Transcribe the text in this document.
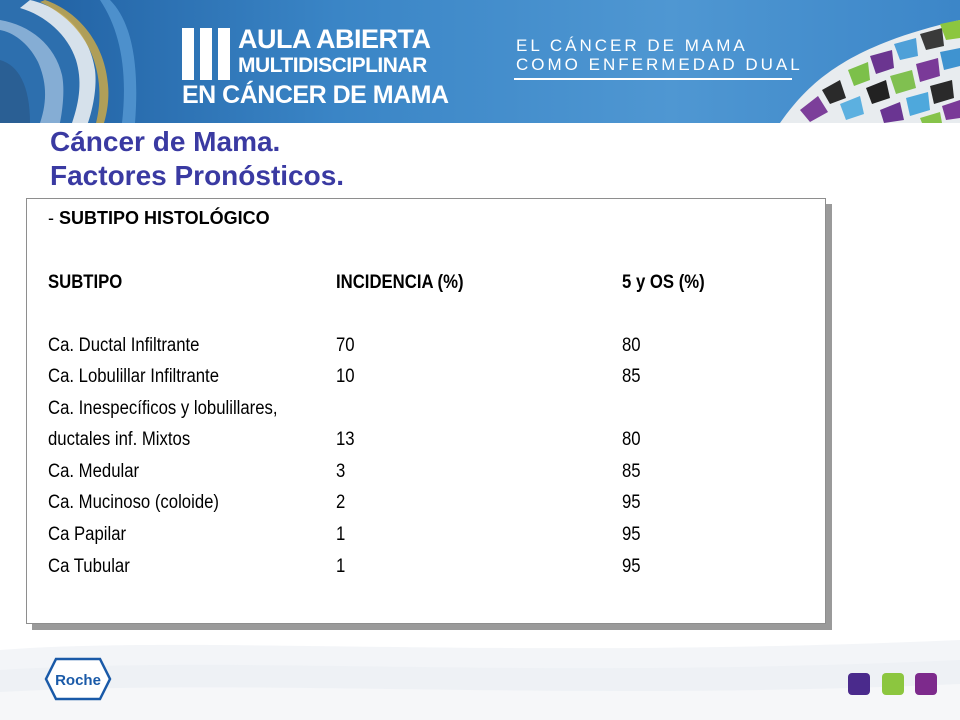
AULA ABIERTA
MULTIDISCIPLINAR
EN CÁNCER DE MAMA
EL CÁNCER DE MAMA
COMO ENFERMEDAD DUAL
Cáncer de Mama.
Factores Pronósticos.
- SUBTIPO HISTOLÓGICO
SUBTIPO	INCIDENCIA (%)	5 y OS (%)
Ca. Ductal Infiltrante	70	80
Ca. Lobulillar Infiltrante	10	85
Ca. Inespecíficos y lobulillares,
ductales inf. Mixtos	13	80
Ca. Medular	3	85
Ca. Mucinoso (coloide)	2	95
Ca Papilar	1	95
Ca Tubular	1	95
Roche
